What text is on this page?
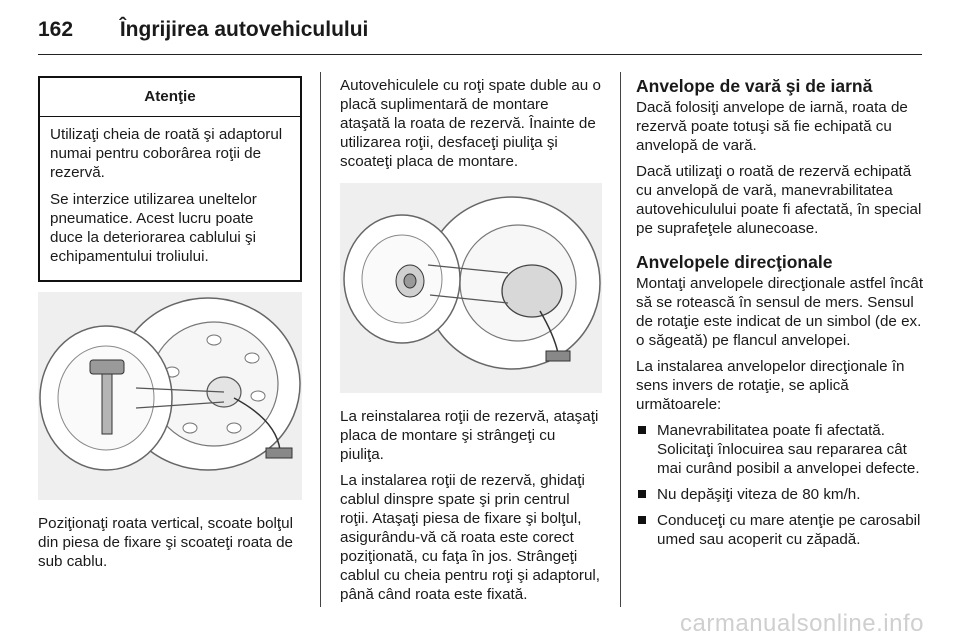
162 Îngrijirea autovehiculului
Atenţie

Utilizaţi cheia de roată şi adaptorul numai pentru coborârea roţii de rezervă.

Se interzice utilizarea uneltelor pneumatice. Acest lucru poate duce la deteriorarea cablului şi echipamentului troliului.

Poziţionaţi roata vertical, scoate bolţul din piesa de fixare şi scoateţi roata de sub cablu.

Autovehiculele cu roţi spate duble au o placă suplimentară de montare ataşată la roata de rezervă. Înainte de utilizarea roţii, desfaceţi piuliţa şi scoateţi placa de montare.

La reinstalarea roţii de rezervă, ataşaţi placa de montare şi strângeţi cu piuliţa.

La instalarea roţii de rezervă, ghidaţi cablul dinspre spate şi prin centrul roţii. Ataşaţi piesa de fixare şi bolţul, asigurându-vă că roata este corect poziţionată, cu faţa în jos. Strângeţi cablul cu cheia pentru roţi şi adaptorul, până când roata este fixată.

Anvelope de vară şi de iarnă

Dacă folosiţi anvelope de iarnă, roata de rezervă poate totuşi să fie echipată cu anvelopă de vară.

Dacă utilizaţi o roată de rezervă echipată cu anvelopă de vară, manevrabilitatea autovehiculului poate fi afectată, în special pe suprafeţele alunecoase.

Anvelopele direcţionale

Montaţi anvelopele direcţionale astfel încât să se rotească în sensul de mers. Sensul de rotaţie este indicat de un simbol (de ex. o săgeată) pe flancul anvelopei.

La instalarea anvelopelor direcţionale în sens invers de rotaţie, se aplică următoarele:

Manevrabilitatea poate fi afectată. Solicitaţi înlocuirea sau repararea cât mai curând posibil a anvelopei defecte.
Nu depăşiţi viteza de 80 km/h.
Conduceţi cu mare atenţie pe carosabil umed sau acoperit cu zăpadă.
carmanualsonline.info
